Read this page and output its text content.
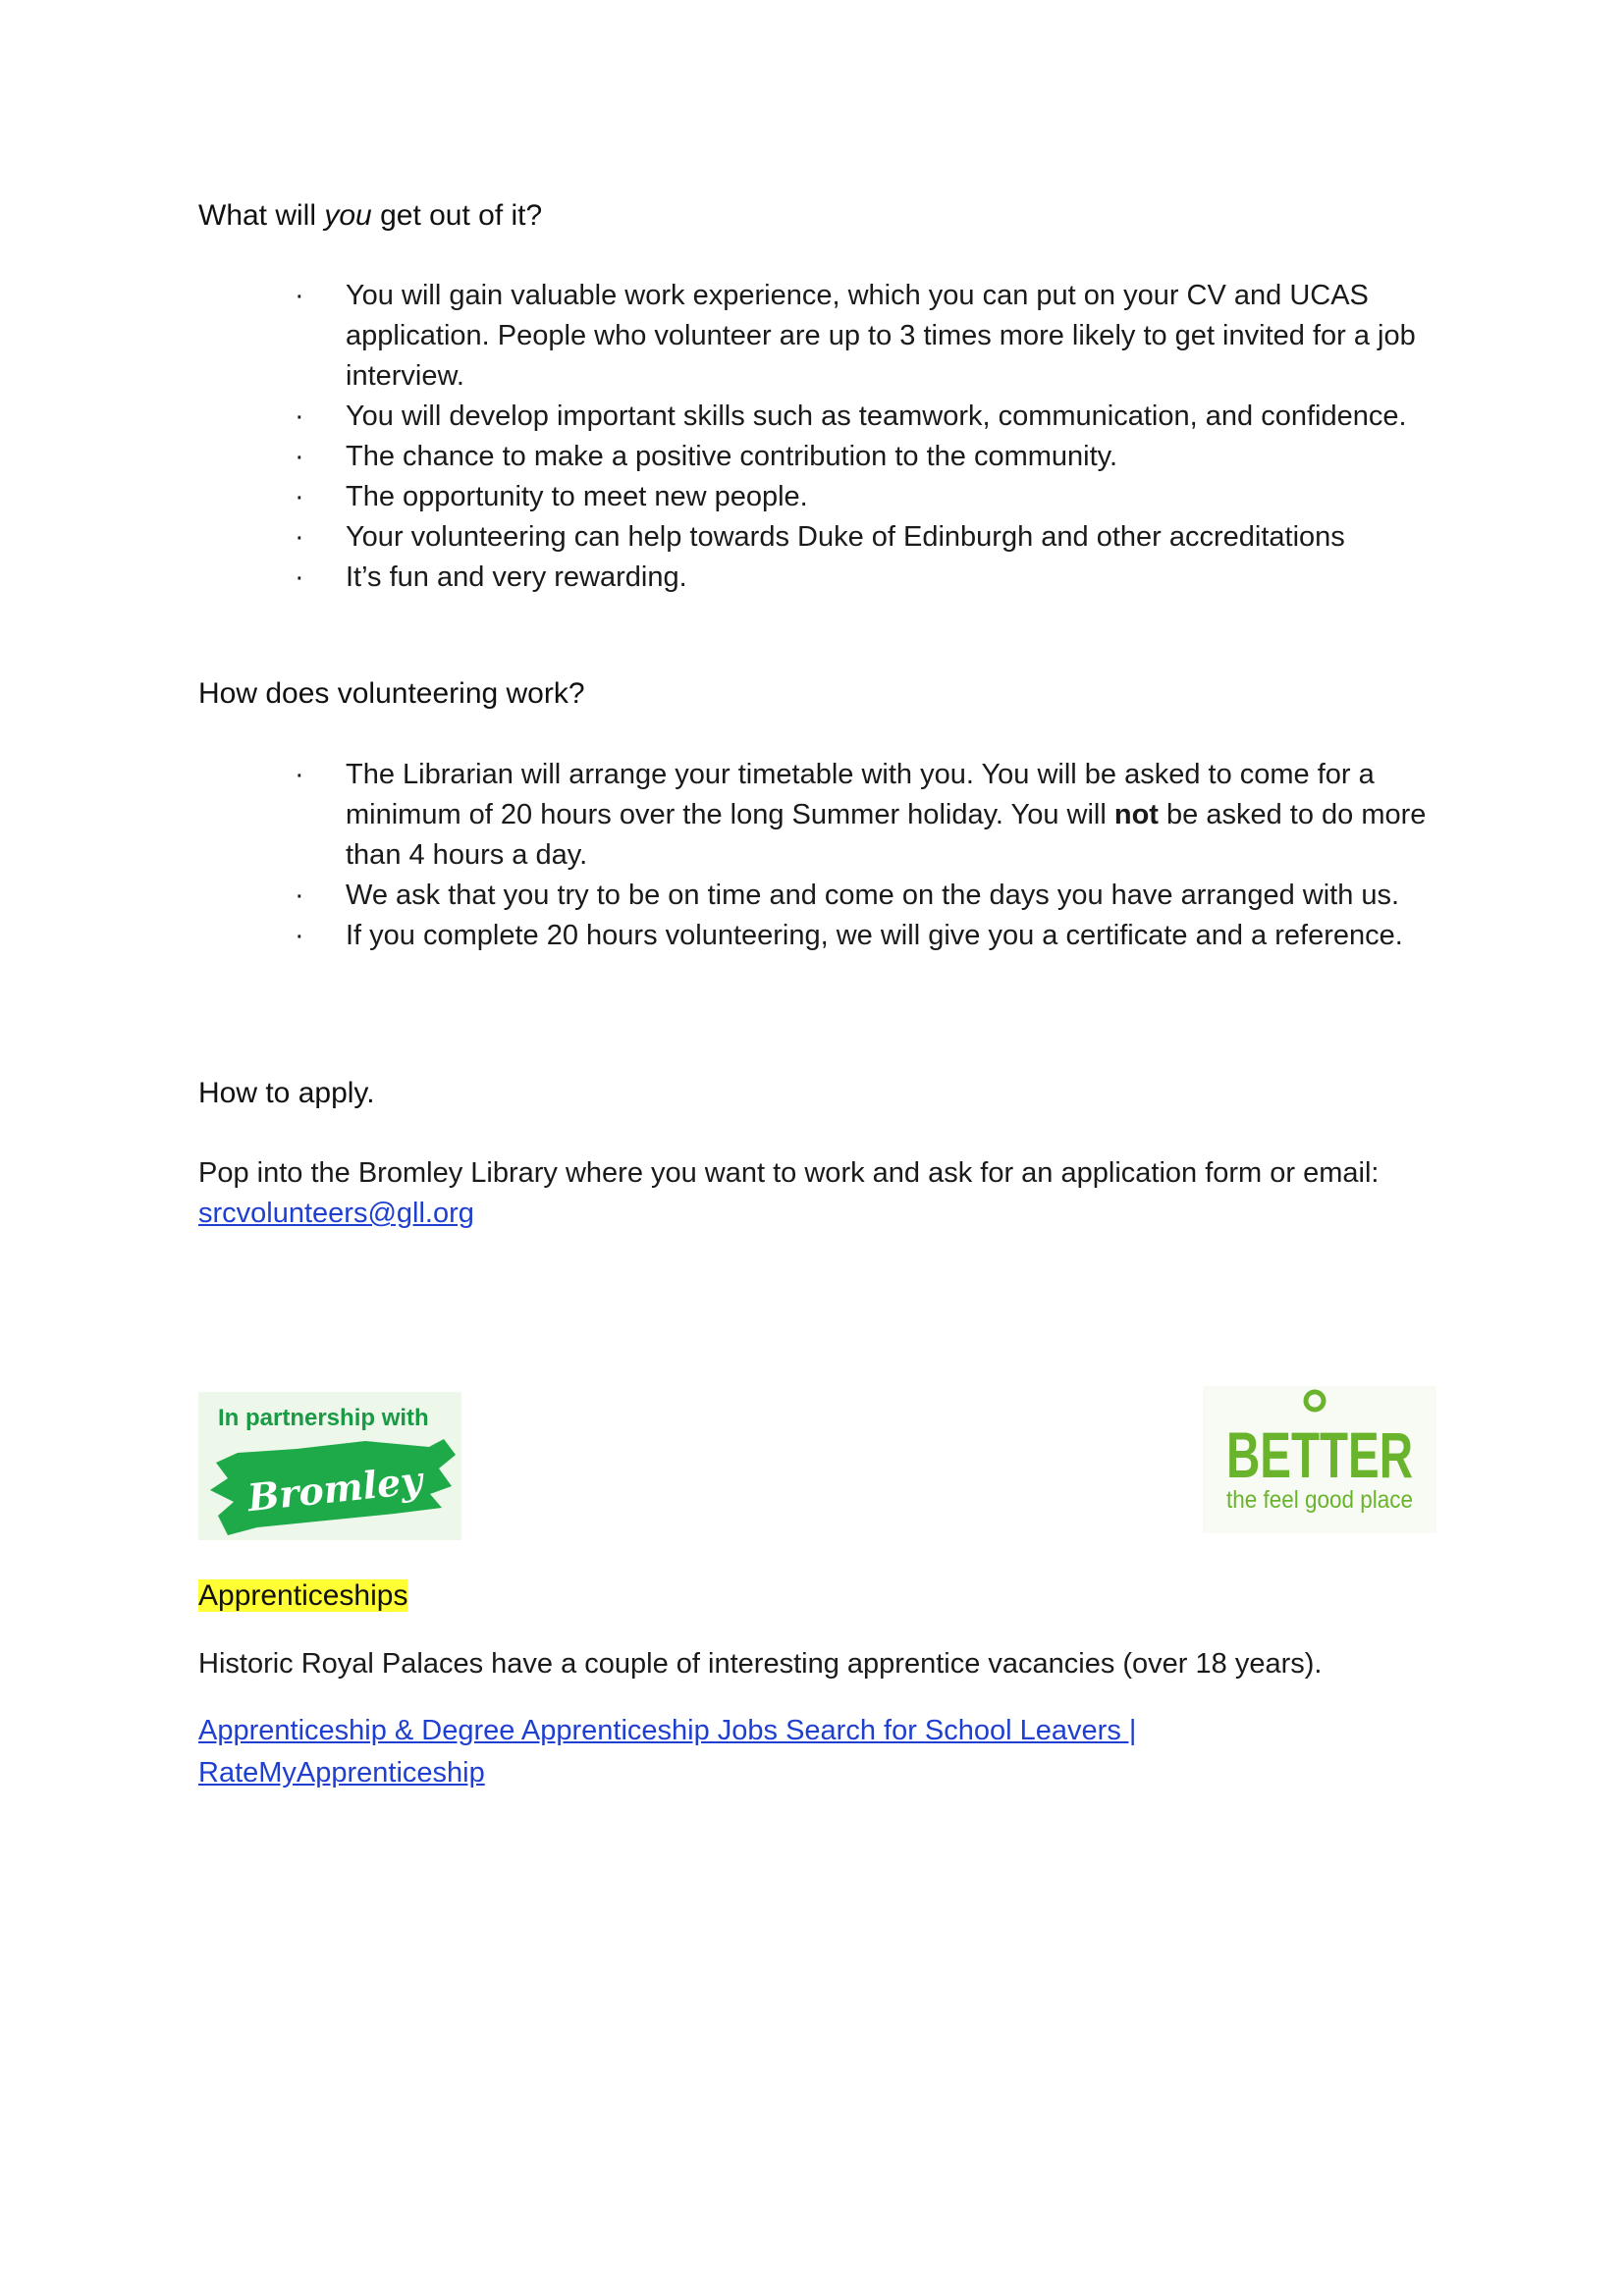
What will you get out of it?
· You will gain valuable work experience, which you can put on your CV and UCAS application. People who volunteer are up to 3 times more likely to get invited for a job interview.
· You will develop important skills such as teamwork, communication, and confidence.
· The chance to make a positive contribution to the community.
· The opportunity to meet new people.
· Your volunteering can help towards Duke of Edinburgh and other accreditations
· It’s fun and very rewarding.
How does volunteering work?
· The Librarian will arrange your timetable with you. You will be asked to come for a minimum of 20 hours over the long Summer holiday. You will not be asked to do more than 4 hours a day.
· We ask that you try to be on time and come on the days you have arranged with us.
· If you complete 20 hours volunteering, we will give you a certificate and a reference.
How to apply.

Pop into the Bromley Library where you want to work and ask for an application form or email: srcvolunteers@gll.org

In partnership with
Bromley	BETTER
the feel good place
Apprenticeships

Historic Royal Palaces have a couple of interesting apprentice vacancies (over 18 years).

Apprenticeship & Degree Apprenticeship Jobs Search for School Leavers | RateMyApprenticeship
